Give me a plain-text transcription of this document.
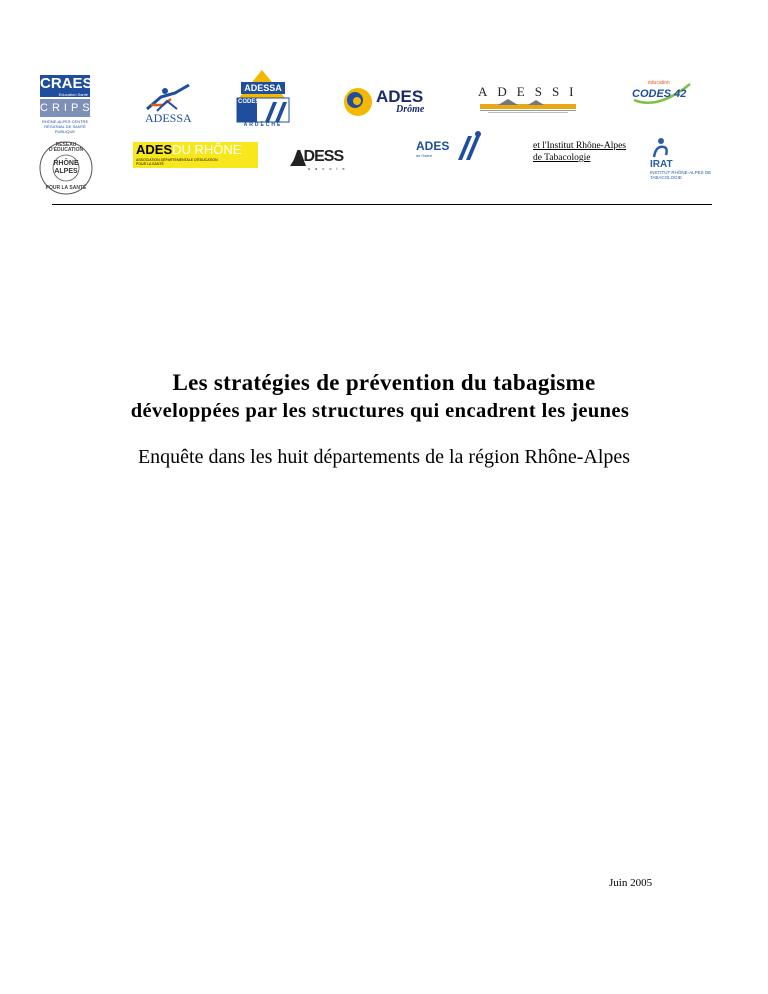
CRAES
Education Santé
CRIPS
RHÔNE-ALPES CENTRE RÉGIONAL DE SANTÉ PUBLIQUE
RÉSEAU D'ÉDUCATION
RHÔNE
ALPES
POUR LA SANTÉ
ADESSA
ADESSA
CODES
ARDÈCHE
ADESDU RHÔNE
ASSOCIATION DÉPARTEMENTALE D'ÉDUCATION POUR LA SANTÉ	ADESS
savoie
ADES
Drôme
ADES
de l'Isère
ADESSI
éducation
CODES 42
et l'Institut Rhône-Alpes
de Tabacologie
IRAT
INSTITUT RHÔNE-ALPES DE TABACOLOGIE
Les stratégies de prévention du tabagisme
développées par les structures qui encadrent les jeunes
Enquête dans les huit départements de la région Rhône-Alpes
Juin 2005
